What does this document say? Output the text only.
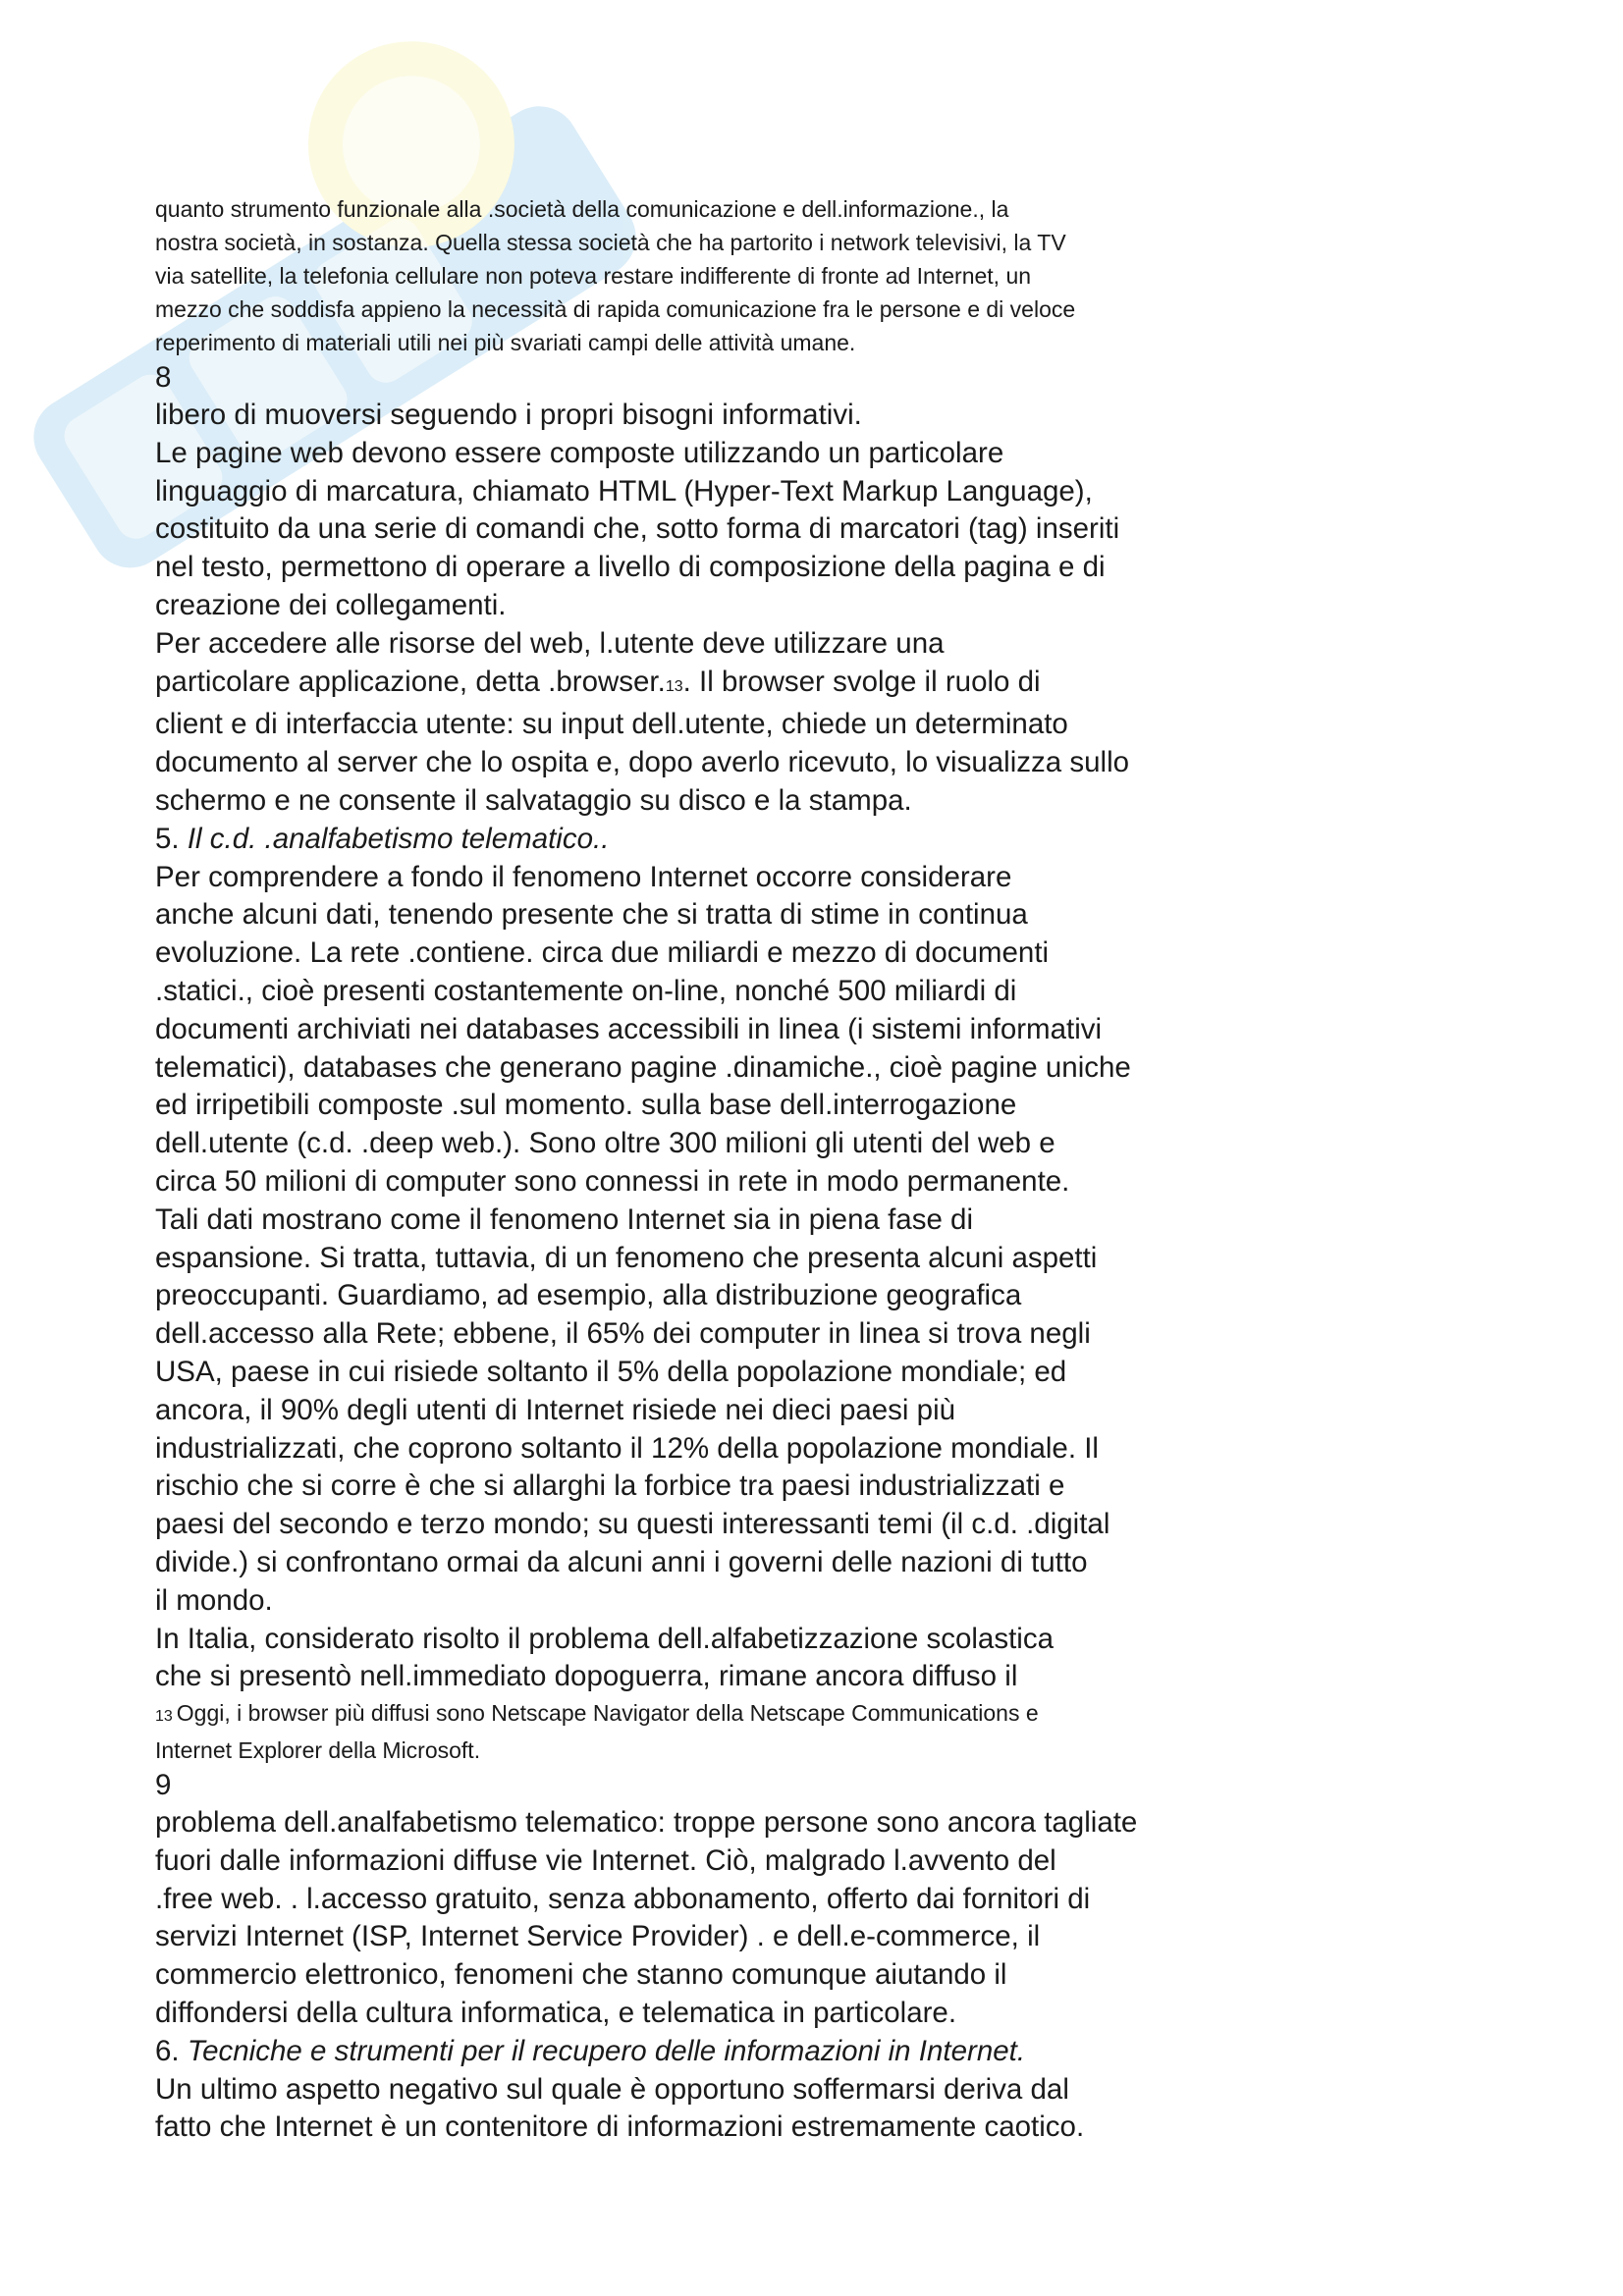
quanto strumento funzionale alla .società della comunicazione e dell.informazione., la
nostra società, in sostanza. Quella stessa società che ha partorito i network televisivi, la TV
via satellite, la telefonia cellulare non poteva restare indifferente di fronte ad Internet, un
mezzo che soddisfa appieno la necessità di rapida comunicazione fra le persone e di veloce
reperimento di materiali utili nei più svariati campi delle attività umane.
8
libero di muoversi seguendo i propri bisogni informativi.
Le pagine web devono essere composte utilizzando un particolare
linguaggio di marcatura, chiamato HTML (Hyper-Text Markup Language),
costituito da una serie di comandi che, sotto forma di marcatori (tag) inseriti
nel testo, permettono di operare a livello di composizione della pagina e di
creazione dei collegamenti.
Per accedere alle risorse del web, l.utente deve utilizzare una
particolare applicazione, detta .browser.13. Il browser svolge il ruolo di
client e di interfaccia utente: su input dell.utente, chiede un determinato
documento al server che lo ospita e, dopo averlo ricevuto, lo visualizza sullo
schermo e ne consente il salvataggio su disco e la stampa.
5. Il c.d. .analfabetismo telematico..
Per comprendere a fondo il fenomeno Internet occorre considerare
anche alcuni dati, tenendo presente che si tratta di stime in continua
evoluzione. La rete .contiene. circa due miliardi e mezzo di documenti
.statici., cioè presenti costantemente on-line, nonché 500 miliardi di
documenti archiviati nei databases accessibili in linea (i sistemi informativi
telematici), databases che generano pagine .dinamiche., cioè pagine uniche
ed irripetibili composte .sul momento. sulla base dell.interrogazione
dell.utente (c.d. .deep web.). Sono oltre 300 milioni gli utenti del web e
circa 50 milioni di computer sono connessi in rete in modo permanente.
Tali dati mostrano come il fenomeno Internet sia in piena fase di
espansione. Si tratta, tuttavia, di un fenomeno che presenta alcuni aspetti
preoccupanti. Guardiamo, ad esempio, alla distribuzione geografica
dell.accesso alla Rete; ebbene, il 65% dei computer in linea si trova negli
USA, paese in cui risiede soltanto il 5% della popolazione mondiale; ed
ancora, il 90% degli utenti di Internet risiede nei dieci paesi più
industrializzati, che coprono soltanto il 12% della popolazione mondiale. Il
rischio che si corre è che si allarghi la forbice tra paesi industrializzati e
paesi del secondo e terzo mondo; su questi interessanti temi (il c.d. .digital
divide.) si confrontano ormai da alcuni anni i governi delle nazioni di tutto
il mondo.
In Italia, considerato risolto il problema dell.alfabetizzazione scolastica
che si presentò nell.immediato dopoguerra, rimane ancora diffuso il
13 Oggi, i browser più diffusi sono Netscape Navigator della Netscape Communications e
Internet Explorer della Microsoft.
9
problema dell.analfabetismo telematico: troppe persone sono ancora tagliate
fuori dalle informazioni diffuse vie Internet. Ciò, malgrado l.avvento del
.free web. . l.accesso gratuito, senza abbonamento, offerto dai fornitori di
servizi Internet (ISP, Internet Service Provider) . e dell.e-commerce, il
commercio elettronico, fenomeni che stanno comunque aiutando il
diffondersi della cultura informatica, e telematica in particolare.
6. Tecniche e strumenti per il recupero delle informazioni in Internet.
Un ultimo aspetto negativo sul quale è opportuno soffermarsi deriva dal
fatto che Internet è un contenitore di informazioni estremamente caotico.
